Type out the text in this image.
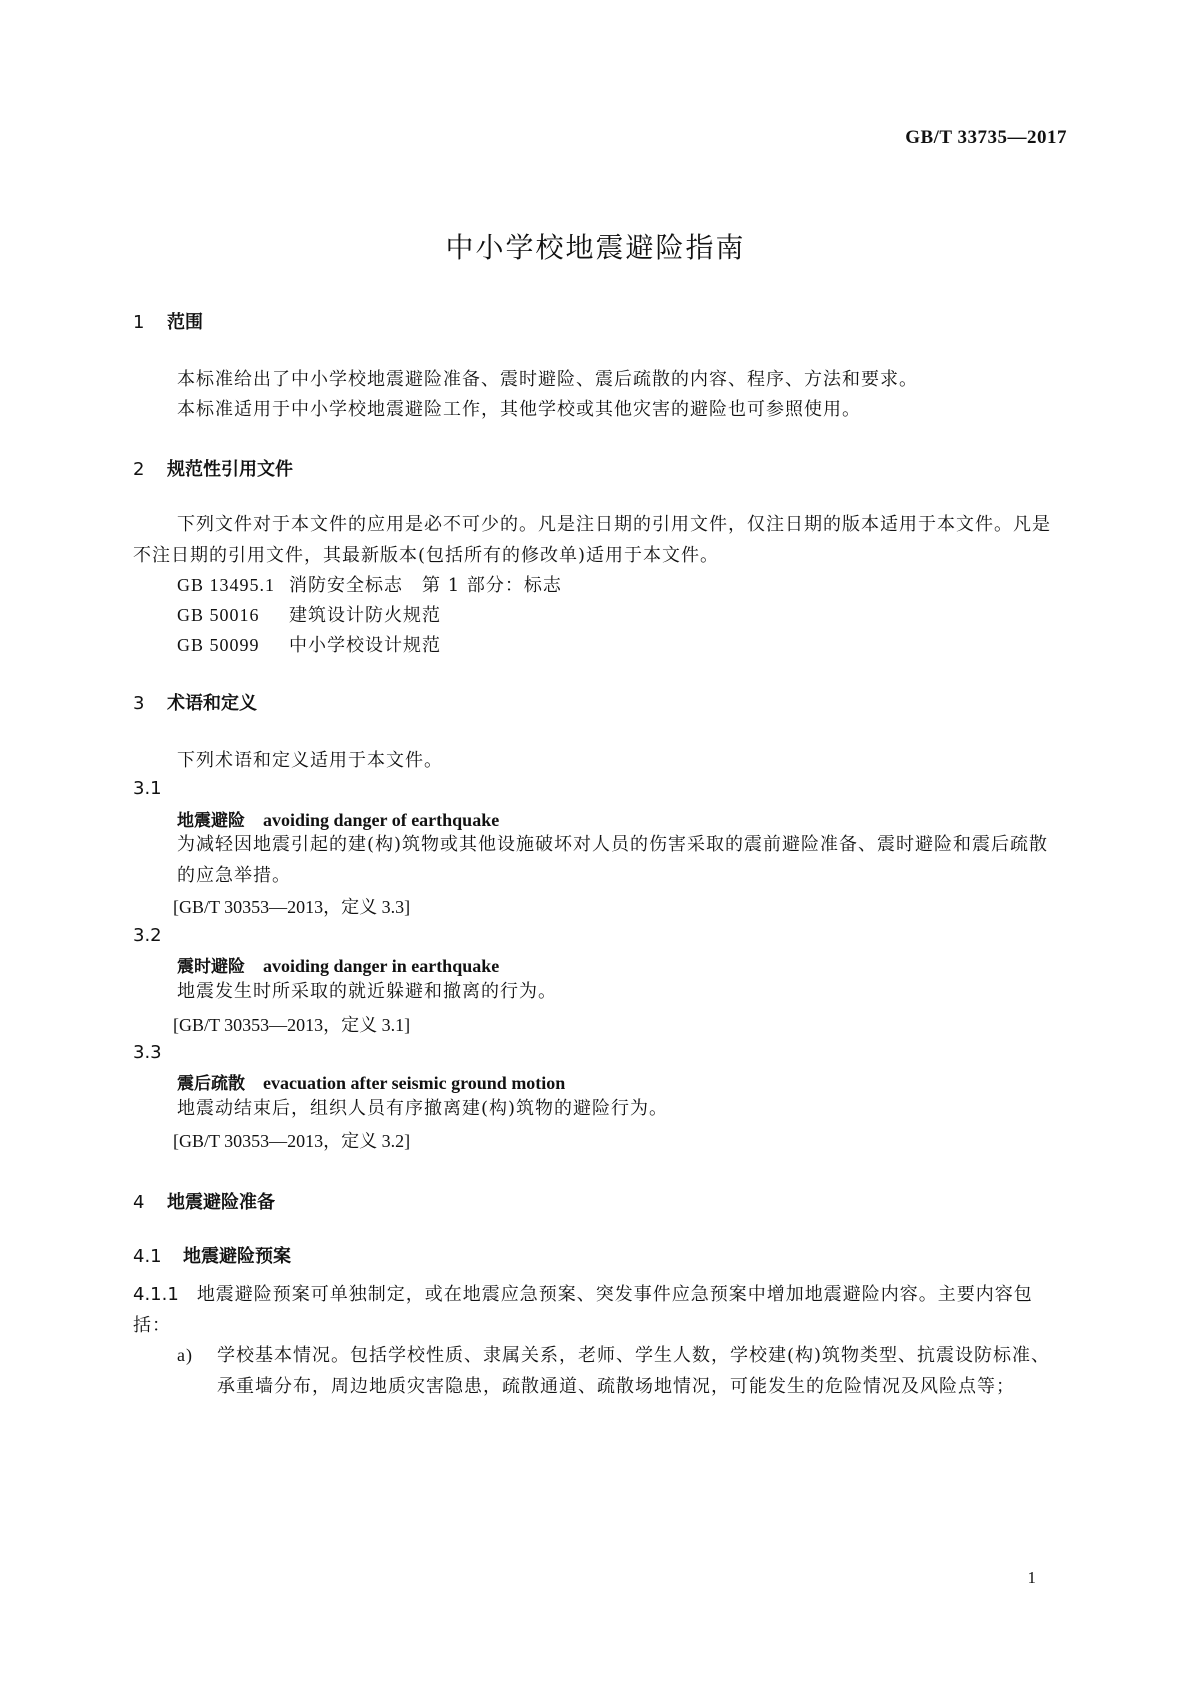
GB/T 33735—2017
中小学校地震避险指南
1 范围
本标准给出了中小学校地震避险准备、震时避险、震后疏散的内容、程序、方法和要求。
本标准适用于中小学校地震避险工作，其他学校或其他灾害的避险也可参照使用。
2 规范性引用文件
下列文件对于本文件的应用是必不可少的。凡是注日期的引用文件，仅注日期的版本适用于本文件。凡是不注日期的引用文件，其最新版本(包括所有的修改单)适用于本文件。
GB 13495.1 消防安全标志　第 1 部分：标志
GB 50016 建筑设计防火规范
GB 50099 中小学校设计规范
3 术语和定义
下列术语和定义适用于本文件。
3.1
地震避险 avoiding danger of earthquake
为减轻因地震引起的建(构)筑物或其他设施破坏对人员的伤害采取的震前避险准备、震时避险和震后疏散的应急举措。
[GB/T 30353—2013，定义 3.3]
3.2
震时避险 avoiding danger in earthquake
地震发生时所采取的就近躲避和撤离的行为。
[GB/T 30353—2013，定义 3.1]
3.3
震后疏散 evacuation after seismic ground motion
地震动结束后，组织人员有序撤离建(构)筑物的避险行为。
[GB/T 30353—2013，定义 3.2]
4 地震避险准备
4.1 地震避险预案
4.1.1 地震避险预案可单独制定，或在地震应急预案、突发事件应急预案中增加地震避险内容。主要内容包括：
a)	学校基本情况。包括学校性质、隶属关系，老师、学生人数，学校建(构)筑物类型、抗震设防标准、承重墙分布，周边地质灾害隐患，疏散通道、疏散场地情况，可能发生的危险情况及风险点等；
1
